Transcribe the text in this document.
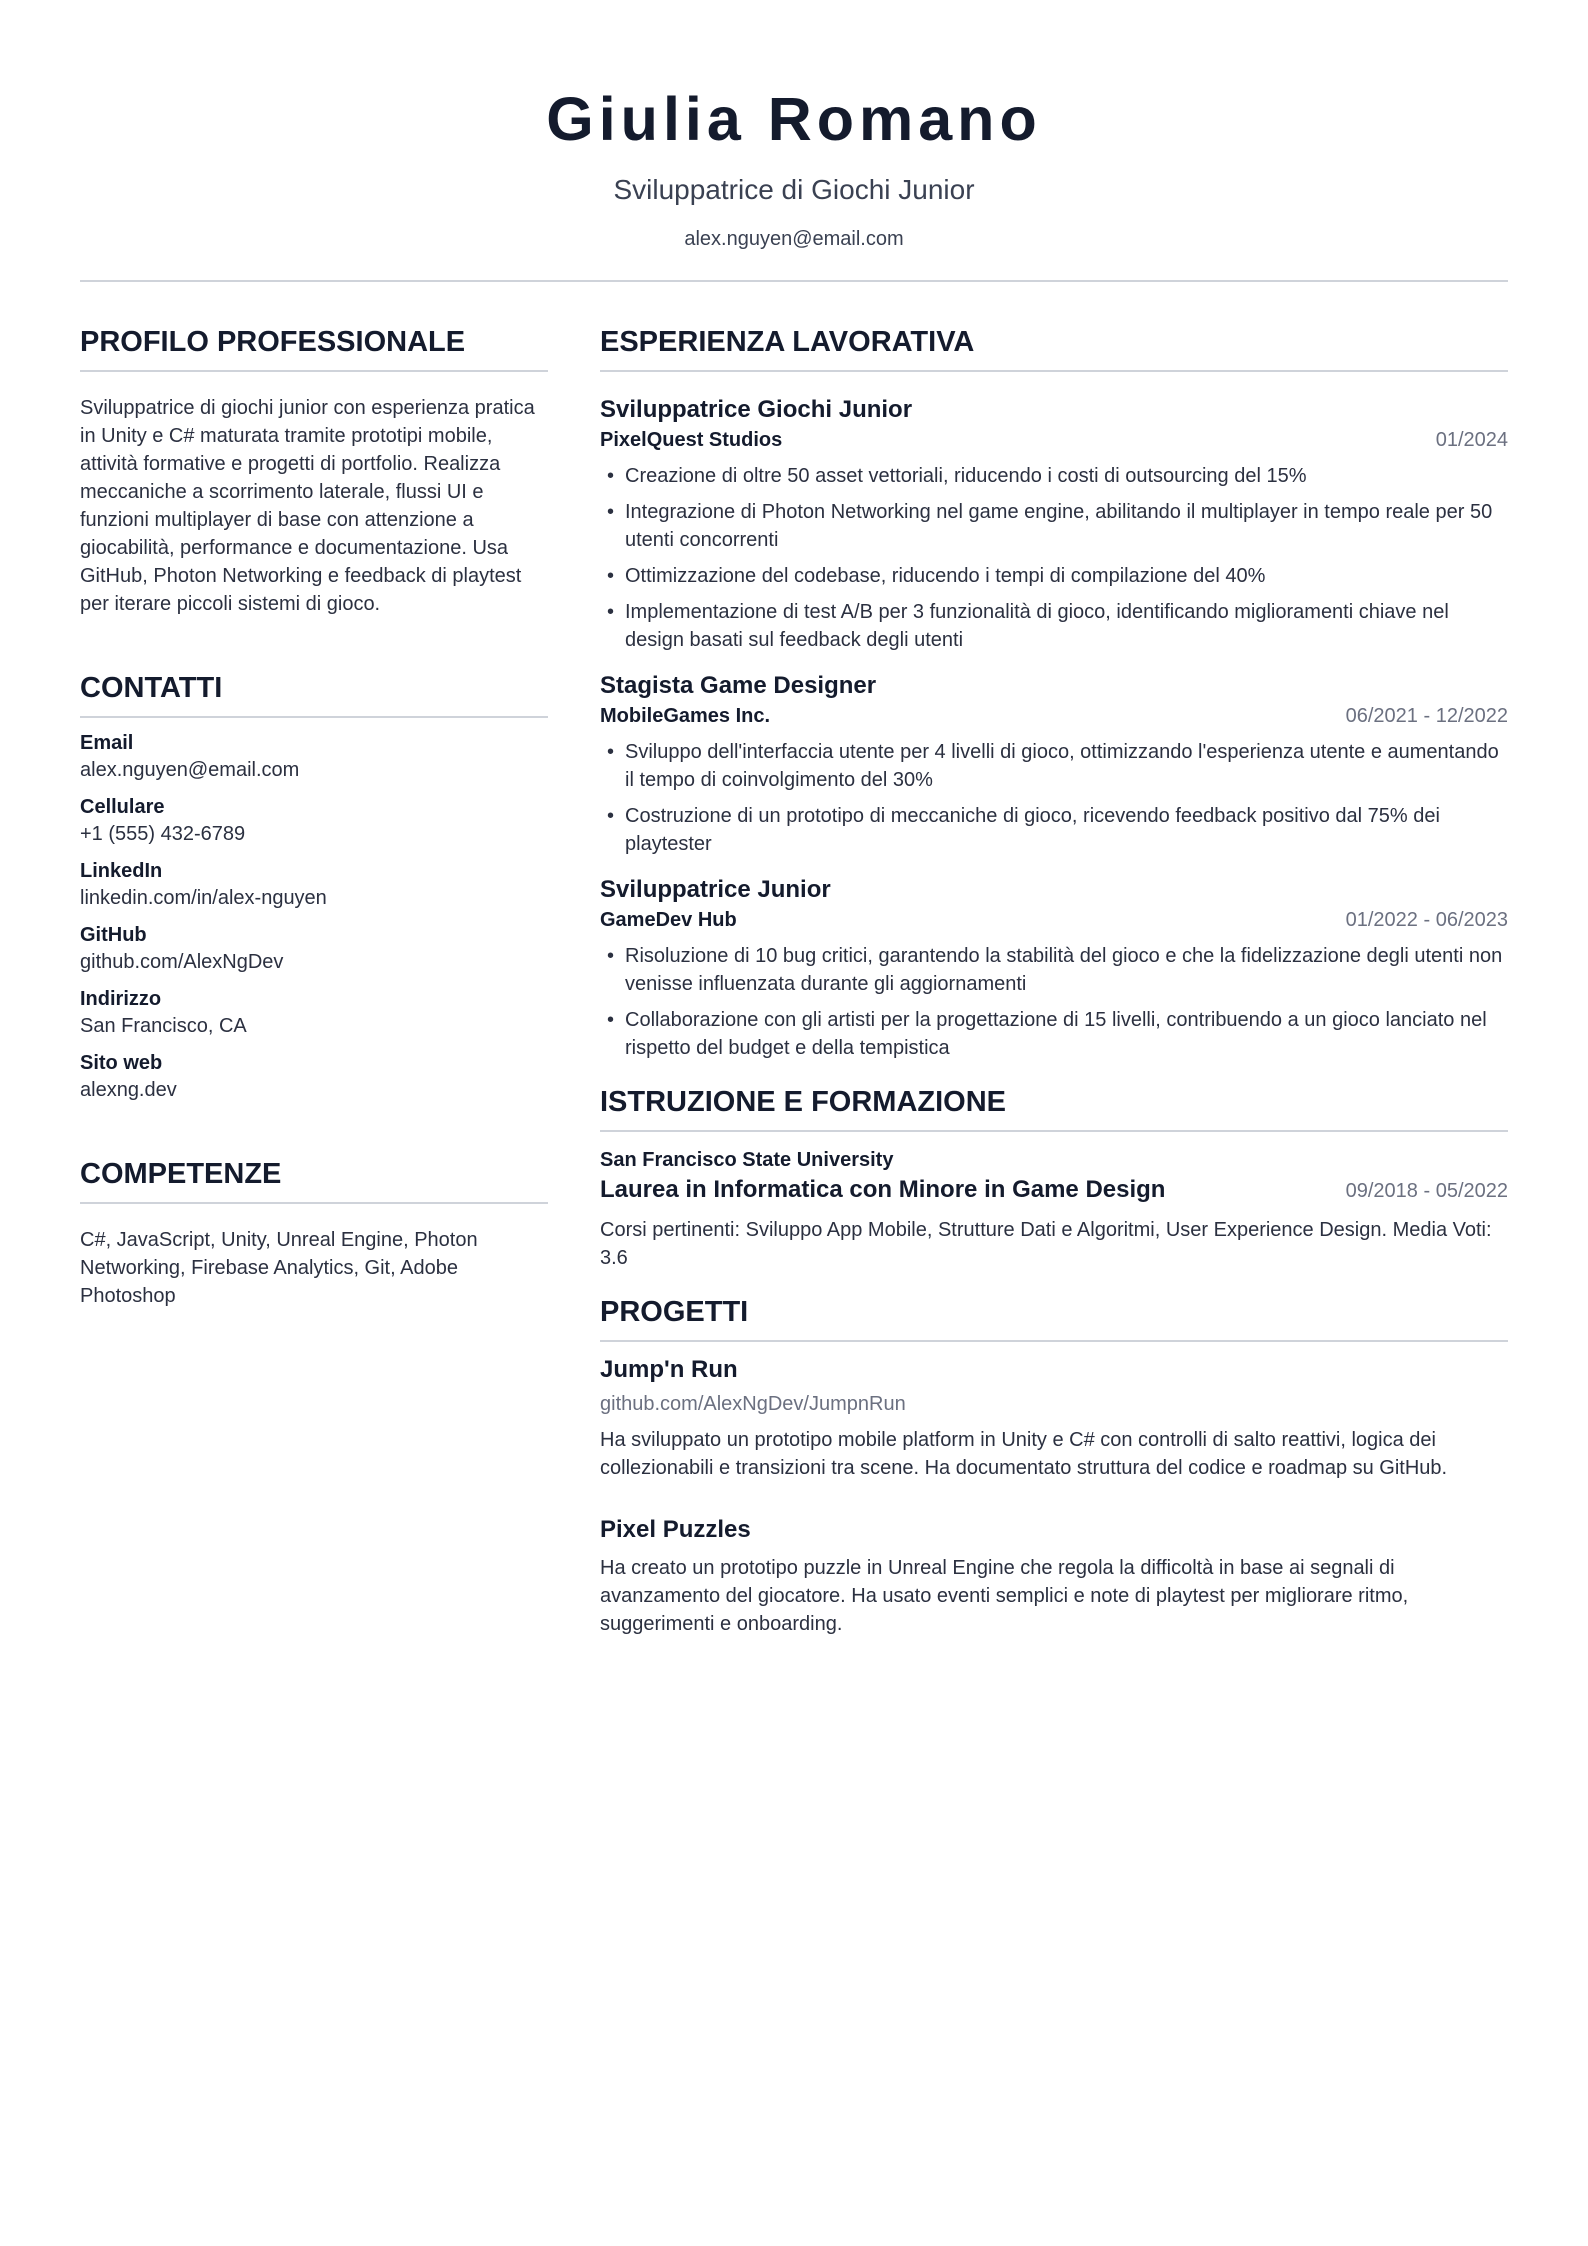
Giulia Romano
Sviluppatrice di Giochi Junior
alex.nguyen@email.com
PROFILO PROFESSIONALE
Sviluppatrice di giochi junior con esperienza pratica in Unity e C# maturata tramite prototipi mobile, attività formative e progetti di portfolio. Realizza meccaniche a scorrimento laterale, flussi UI e funzioni multiplayer di base con attenzione a giocabilità, performance e documentazione. Usa GitHub, Photon Networking e feedback di playtest per iterare piccoli sistemi di gioco.
CONTATTI
Email
alex.nguyen@email.com
Cellulare
+1 (555) 432-6789
LinkedIn
linkedin.com/in/alex-nguyen
GitHub
github.com/AlexNgDev
Indirizzo
San Francisco, CA
Sito web
alexng.dev
COMPETENZE
C#, JavaScript, Unity, Unreal Engine, Photon Networking, Firebase Analytics, Git, Adobe Photoshop
ESPERIENZA LAVORATIVA
Sviluppatrice Giochi Junior
PixelQuest Studios	01/2024
• Creazione di oltre 50 asset vettoriali, riducendo i costi di outsourcing del 15%
• Integrazione di Photon Networking nel game engine, abilitando il multiplayer in tempo reale per 50 utenti concorrenti
• Ottimizzazione del codebase, riducendo i tempi di compilazione del 40%
• Implementazione di test A/B per 3 funzionalità di gioco, identificando miglioramenti chiave nel design basati sul feedback degli utenti
Stagista Game Designer
MobileGames Inc.	06/2021 - 12/2022
• Sviluppo dell'interfaccia utente per 4 livelli di gioco, ottimizzando l'esperienza utente e aumentando il tempo di coinvolgimento del 30%
• Costruzione di un prototipo di meccaniche di gioco, ricevendo feedback positivo dal 75% dei playtester
Sviluppatrice Junior
GameDev Hub	01/2022 - 06/2023
• Risoluzione di 10 bug critici, garantendo la stabilità del gioco e che la fidelizzazione degli utenti non venisse influenzata durante gli aggiornamenti
• Collaborazione con gli artisti per la progettazione di 15 livelli, contribuendo a un gioco lanciato nel rispetto del budget e della tempistica
ISTRUZIONE E FORMAZIONE
San Francisco State University
Laurea in Informatica con Minore in Game Design	09/2018 - 05/2022
Corsi pertinenti: Sviluppo App Mobile, Strutture Dati e Algoritmi, User Experience Design. Media Voti: 3.6
PROGETTI
Jump'n Run
github.com/AlexNgDev/JumpnRun
Ha sviluppato un prototipo mobile platform in Unity e C# con controlli di salto reattivi, logica dei collezionabili e transizioni tra scene. Ha documentato struttura del codice e roadmap su GitHub.
Pixel Puzzles
Ha creato un prototipo puzzle in Unreal Engine che regola la difficoltà in base ai segnali di avanzamento del giocatore. Ha usato eventi semplici e note di playtest per migliorare ritmo, suggerimenti e onboarding.
